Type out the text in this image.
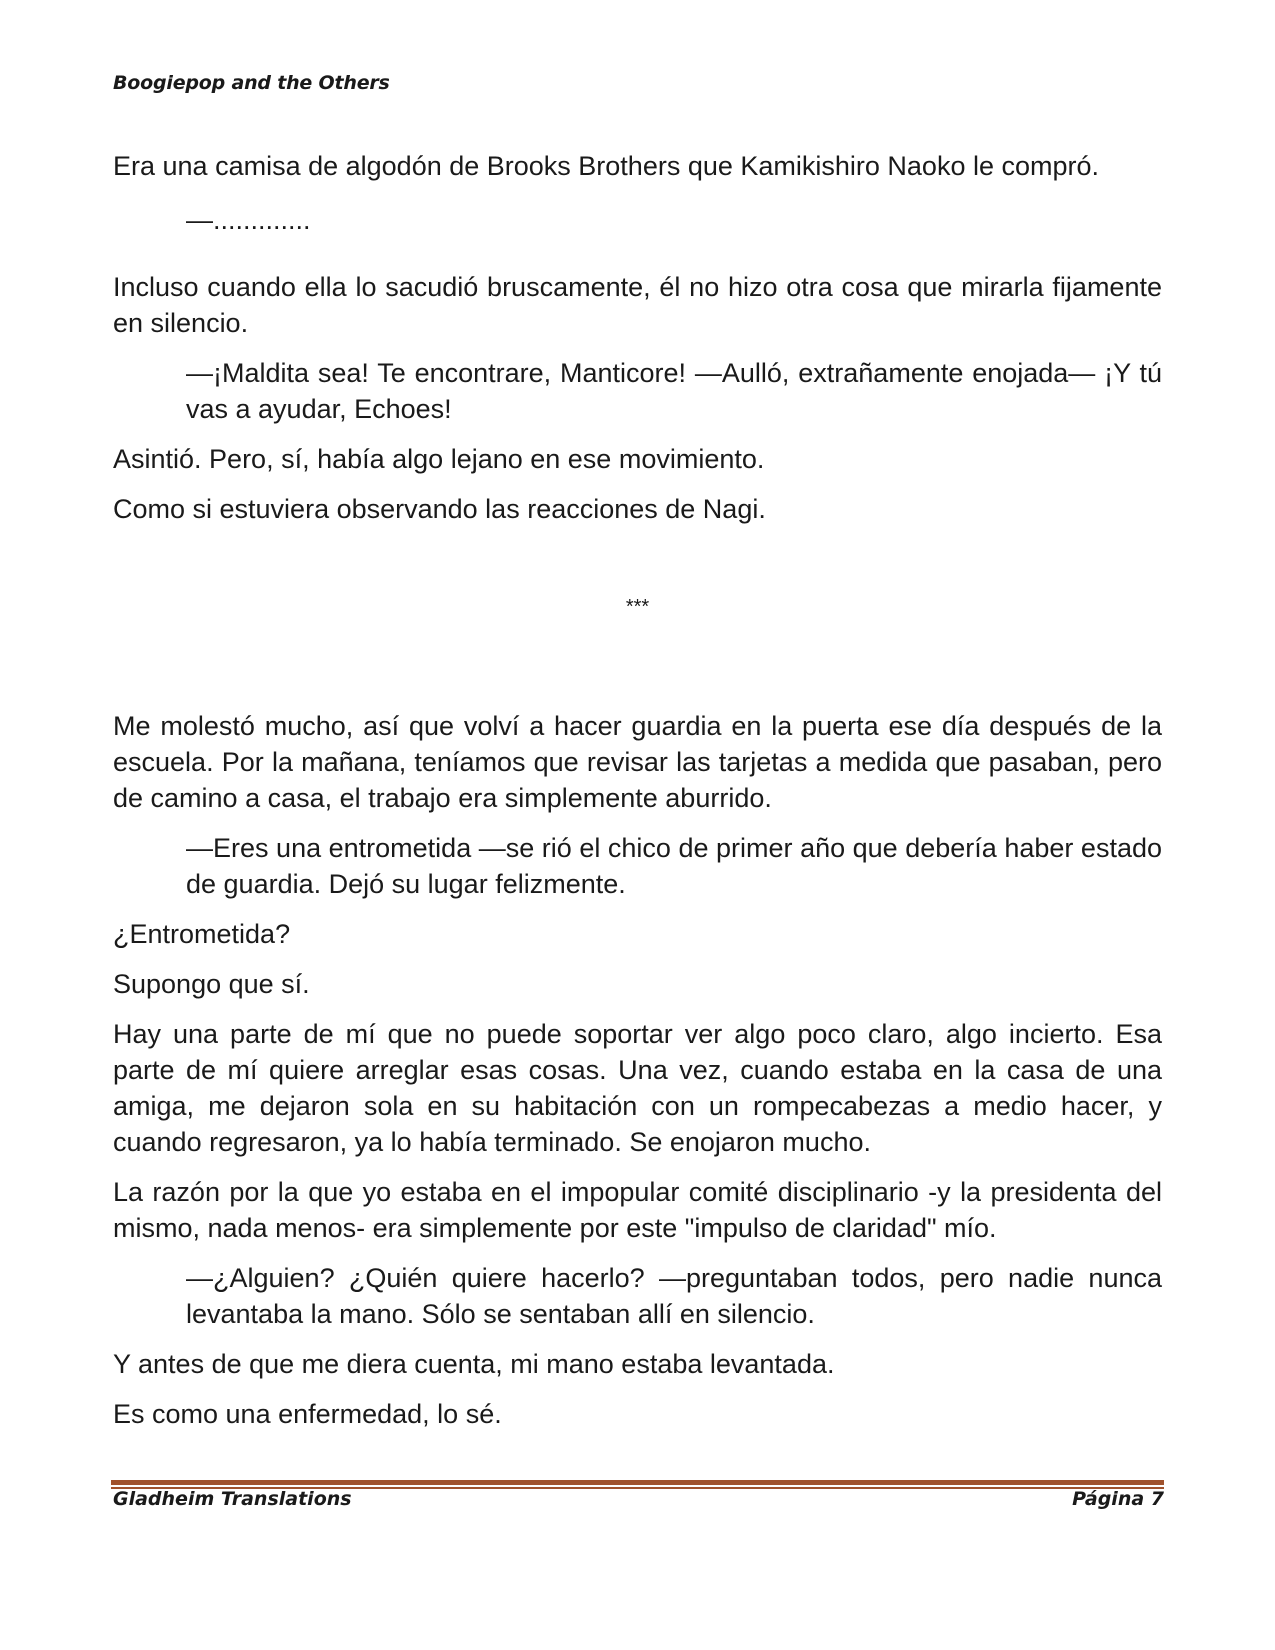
Boogiepop and the Others

Era una camisa de algodón de Brooks Brothers que Kamikishiro Naoko le compró.

—.............

Incluso cuando ella lo sacudió bruscamente, él no hizo otra cosa que mirarla fijamente en silencio.

—¡Maldita sea! Te encontrare, Manticore! —Aulló, extrañamente enojada— ¡Y tú vas a ayudar, Echoes!

Asintió. Pero, sí, había algo lejano en ese movimiento.

Como si estuviera observando las reacciones de Nagi.

***

Me molestó mucho, así que volví a hacer guardia en la puerta ese día después de la escuela. Por la mañana, teníamos que revisar las tarjetas a medida que pasaban, pero de camino a casa, el trabajo era simplemente aburrido.

—Eres una entrometida —se rió el chico de primer año que debería haber estado de guardia. Dejó su lugar felizmente.

¿Entrometida?

Supongo que sí.

Hay una parte de mí que no puede soportar ver algo poco claro, algo incierto. Esa parte de mí quiere arreglar esas cosas. Una vez, cuando estaba en la casa de una amiga, me dejaron sola en su habitación con un rompecabezas a medio hacer, y cuando regresaron, ya lo había terminado. Se enojaron mucho.

La razón por la que yo estaba en el impopular comité disciplinario -y la presidenta del mismo, nada menos- era simplemente por este "impulso de claridad" mío.

—¿Alguien? ¿Quién quiere hacerlo? —preguntaban todos, pero nadie nunca levantaba la mano. Sólo se sentaban allí en silencio.

Y antes de que me diera cuenta, mi mano estaba levantada.

Es como una enfermedad, lo sé.

Gladheim Translations	Página 7
